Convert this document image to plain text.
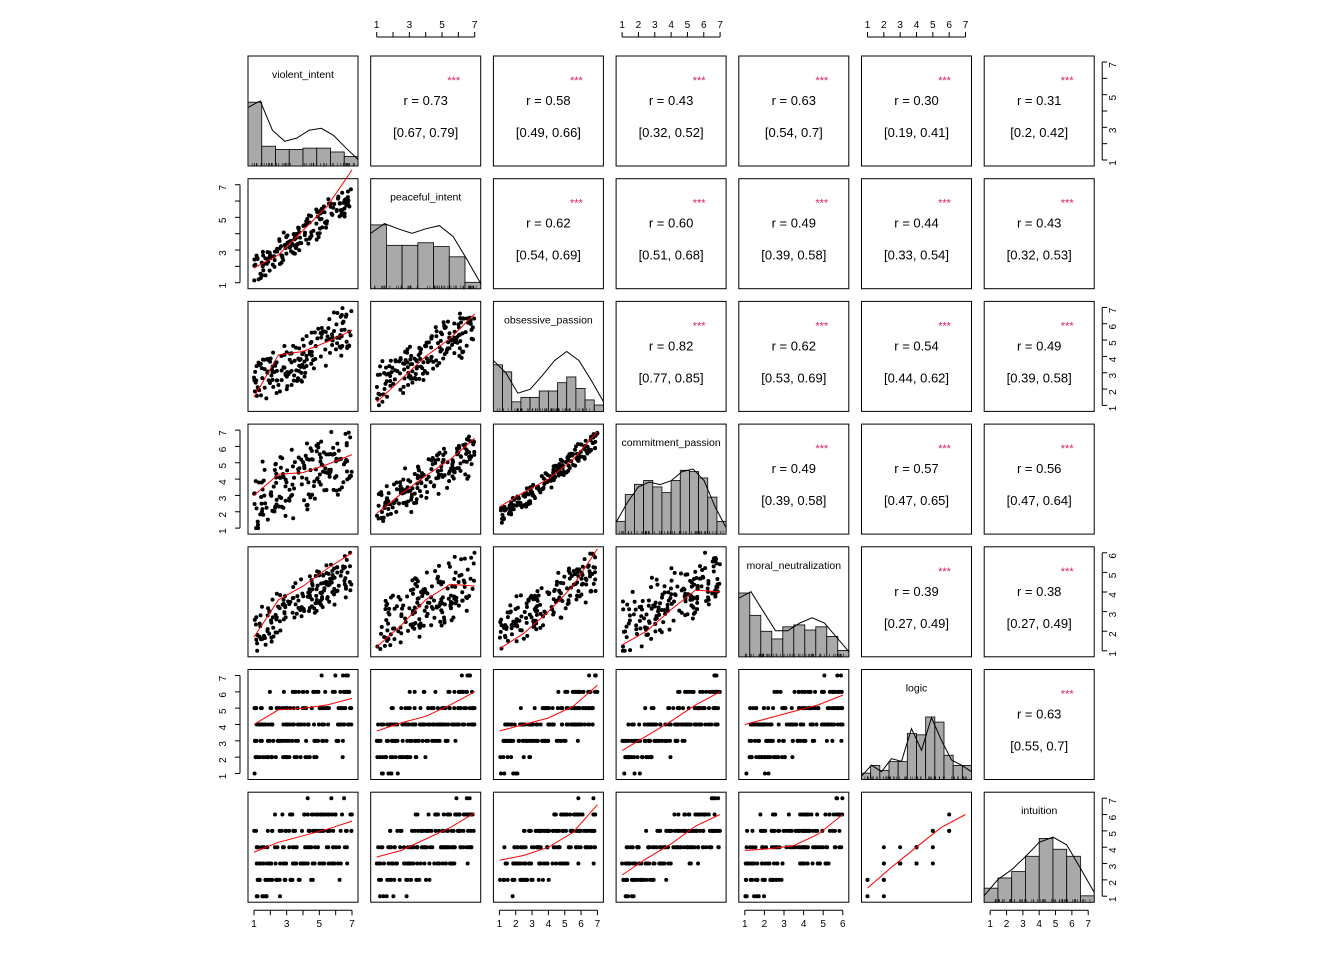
violent_intent	***
r = 0.73
[0.67, 0.79]
***
r = 0.58
[0.49, 0.66]
***
r = 0.43
[0.32, 0.52]
***
r = 0.63
[0.54, 0.7]
***
r = 0.30
[0.19, 0.41]
***
r = 0.31
[0.2, 0.42]
peaceful_intent	***
r = 0.62
[0.54, 0.69]
***
r = 0.60
[0.51, 0.68]
***
r = 0.49
[0.39, 0.58]
***
r = 0.44
[0.33, 0.54]
***
r = 0.43
[0.32, 0.53]
obsessive_passion	***
r = 0.82
[0.77, 0.85]
***
r = 0.62
[0.53, 0.69]
***
r = 0.54
[0.44, 0.62]
***
r = 0.49
[0.39, 0.58]
commitment_passion	***
r = 0.49
[0.39, 0.58]
***
r = 0.57
[0.47, 0.65]
***
r = 0.56
[0.47, 0.64]
moral_neutralization	***
r = 0.39
[0.27, 0.49]
***
r = 0.38
[0.27, 0.49]
logic	***
r = 0.63
[0.55, 0.7]
intuition
1	3	5	7	1 2 3 4 5 6 7	1 2 3 4 5 6 7
1	3	5	7	1 2 3 4 5 6 7	1 2 3 4 5 6	1 2 3 4 5 6 7
1
3
5
7
1
2
3
4
5
6
7
1
2
3
4
5
6
7
1
3
5
7
1
2
3
4
5
6
7
1
2
3
4
5
6
1
2
3
4
5
6
7
